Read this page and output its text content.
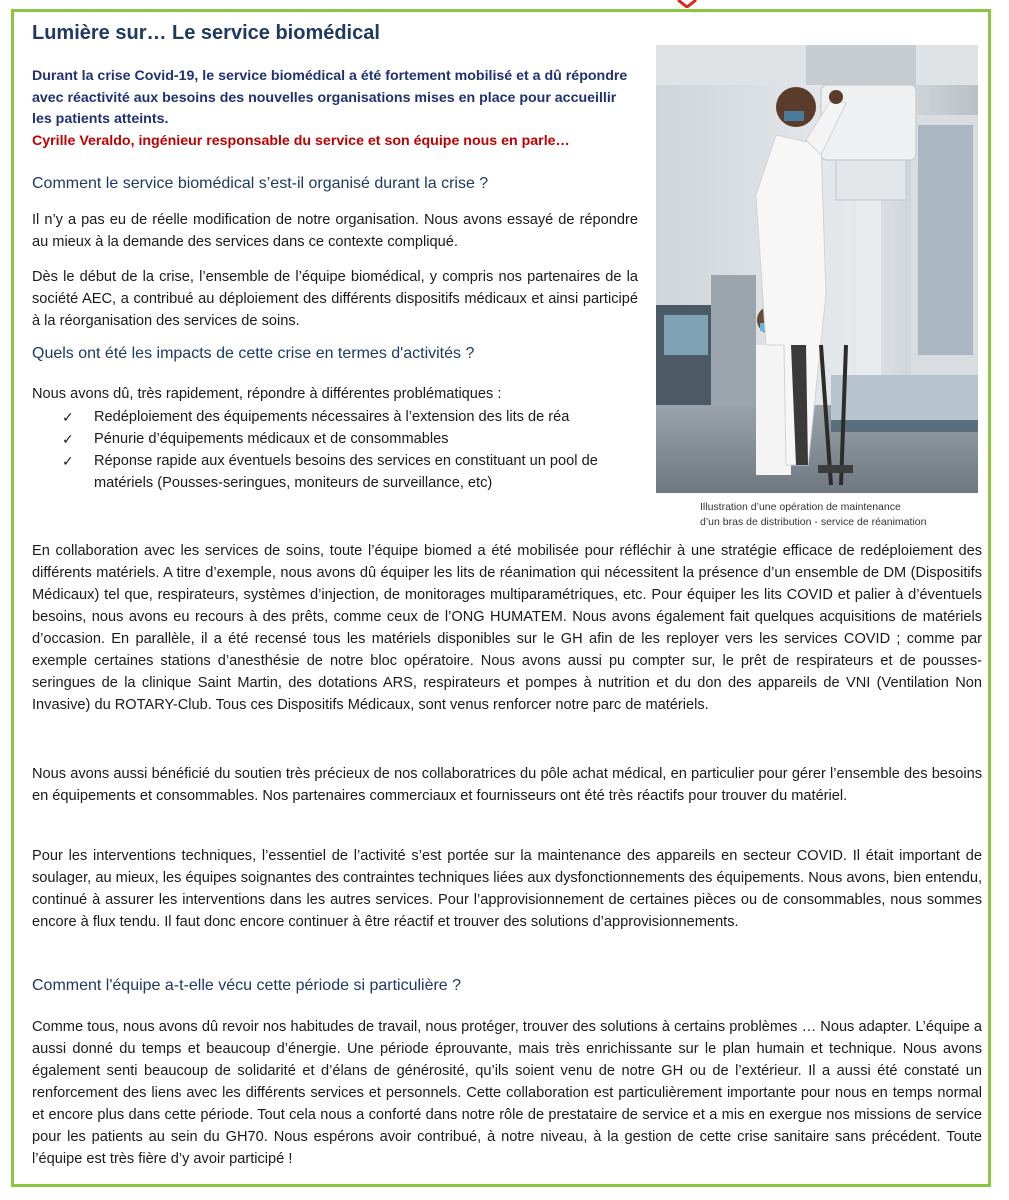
Lumière sur… Le service biomédical

Durant la crise Covid-19, le service biomédical a été fortement mobilisé et a dû répondre avec réactivité aux besoins des nouvelles organisations mises en place pour accueillir les patients atteints.
Cyrille Veraldo, ingénieur responsable du service et son équipe nous en parle…

Comment le service biomédical s’est-il organisé durant la crise ?

Il n’y a pas eu de réelle modification de notre organisation. Nous avons essayé de répondre au mieux à la demande des services dans ce contexte compliqué.

Dès le début de la crise, l’ensemble de l’équipe biomédical, y compris nos partenaires de la société AEC, a contribué au déploiement des différents dispositifs médicaux et ainsi participé à la réorganisation des services de soins.

Quels ont été les impacts de cette crise en termes d'activités ?

Nous avons dû, très rapidement, répondre à différentes problématiques :

✓ Redéploiement des équipements nécessaires à l’extension des lits de réa
✓ Pénurie d’équipements médicaux et de consommables
✓ Réponse rapide aux éventuels besoins des services en constituant un pool de matériels (Pousses-seringues, moniteurs de surveillance, etc)

Illustration d’une opération de maintenance
d’un bras de distribution - service de réanimation

En collaboration avec les services de soins, toute l’équipe biomed a été mobilisée pour réfléchir à une stratégie efficace de redéploiement des différents matériels. A titre d’exemple, nous avons dû équiper les lits de réanimation qui nécessitent la présence d’un ensemble de DM (Dispositifs Médicaux) tel que, respirateurs, systèmes d’injection, de monitorages multiparamétriques, etc. Pour équiper les lits COVID et palier à d’éventuels besoins, nous avons eu recours à des prêts, comme ceux de l’ONG HUMATEM. Nous avons également fait quelques acquisitions de matériels d’occasion. En parallèle, il a été recensé tous les matériels disponibles sur le GH afin de les reployer vers les services COVID ; comme par exemple certaines stations d’anesthésie de notre bloc opératoire. Nous avons aussi pu compter sur, le prêt de respirateurs et de pousses-seringues de la clinique Saint Martin, des dotations ARS, respirateurs et pompes à nutrition et du don des appareils de VNI (Ventilation Non Invasive) du ROTARY-Club. Tous ces Dispositifs Médicaux, sont venus renforcer notre parc de matériels.

Nous avons aussi bénéficié du soutien très précieux de nos collaboratrices du pôle achat médical, en particulier pour gérer l’ensemble des besoins en équipements et consommables. Nos partenaires commerciaux et fournisseurs ont été très réactifs pour trouver du matériel.

Pour les interventions techniques, l’essentiel de l’activité s’est portée sur la maintenance des appareils en secteur COVID. Il était important de soulager, au mieux, les équipes soignantes des contraintes techniques liées aux dysfonctionnements des équipements. Nous avons, bien entendu, continué à assurer les interventions dans les autres services. Pour l’approvisionnement de certaines pièces ou de consommables, nous sommes encore à flux tendu. Il faut donc encore continuer à être réactif et trouver des solutions d’approvisionnements.

Comment l'équipe a-t-elle vécu cette période si particulière ?

Comme tous, nous avons dû revoir nos habitudes de travail, nous protéger, trouver des solutions à certains problèmes … Nous adapter. L’équipe a aussi donné du temps et beaucoup d’énergie. Une période éprouvante, mais très enrichissante sur le plan humain et technique. Nous avons également senti beaucoup de solidarité et d’élans de générosité, qu’ils soient venu de notre GH ou de l’extérieur. Il a aussi été constaté un renforcement des liens avec les différents services et personnels. Cette collaboration est particulièrement importante pour nous en temps normal et encore plus dans cette période. Tout cela nous a conforté dans notre rôle de prestataire de service et a mis en exergue nos missions de service pour les patients au sein du GH70. Nous espérons avoir contribué, à notre niveau, à la gestion de cette crise sanitaire sans précédent. Toute l’équipe est très fière d’y avoir participé !
